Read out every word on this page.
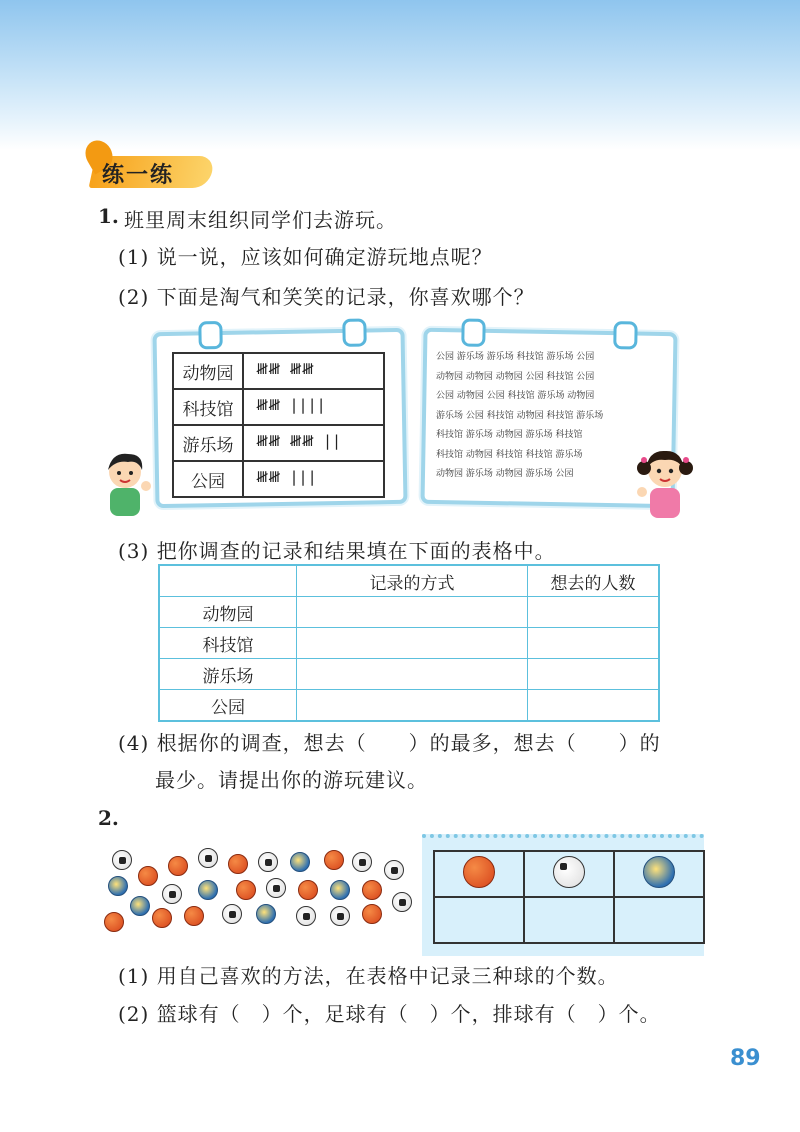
练一练
1. 班里周末组织同学们去游玩。
(1) 说一说，应该如何确定游玩地点呢？
(2) 下面是淘气和笑笑的记录，你喜欢哪个？
动物园	𝍸𝍸 𝍸𝍸
科技馆	𝍸𝍸 ||||
游乐场	𝍸𝍸 𝍸𝍸 ||
公园	𝍸𝍸 |||
公园 游乐场 游乐场 科技馆 游乐场 公园
动物园 动物园 动物园 公园 科技馆 公园
公园 动物园 公园 科技馆 游乐场 动物园
游乐场 公园 科技馆 动物园 科技馆 游乐场
科技馆 游乐场 动物园 游乐场 科技馆
科技馆 动物园 科技馆 科技馆 游乐场
动物园 游乐场 动物园 游乐场 公园
(3) 把你调查的记录和结果填在下面的表格中。
	记录的方式	想去的人数
动物园		
科技馆		
游乐场		
公园		
(4) 根据你的调查，想去（　　）的最多，想去（　　）的
最少。请提出你的游玩建议。
2.

(1) 用自己喜欢的方法，在表格中记录三种球的个数。
(2) 篮球有（　）个，足球有（　）个，排球有（　）个。
89
